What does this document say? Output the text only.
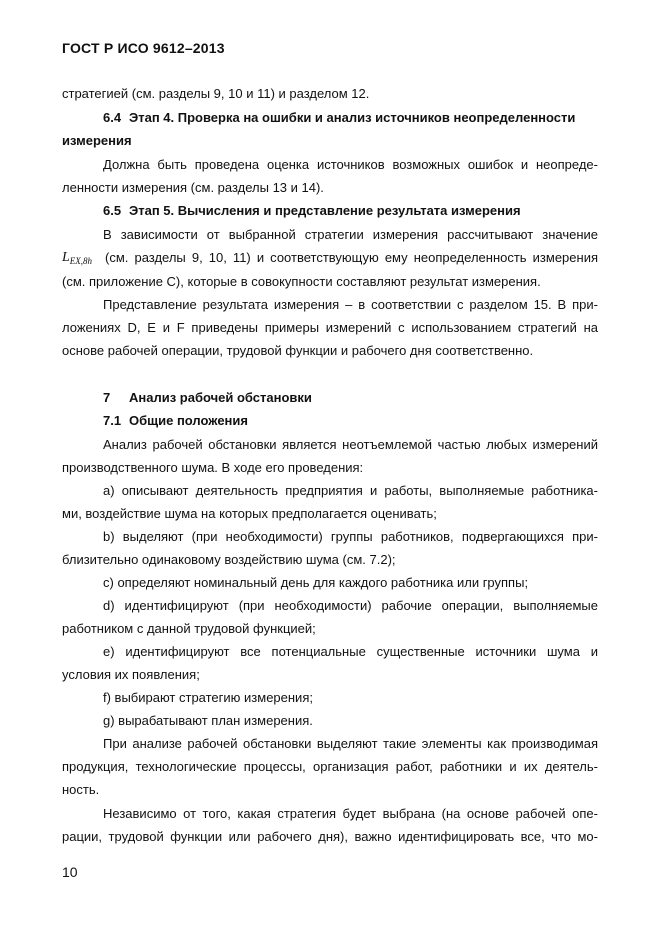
ГОСТ Р ИСО 9612–2013
стратегией (см. разделы 9, 10 и 11) и разделом 12.
6.4 Этап 4. Проверка на ошибки и анализ источников неопределенности
измерения
Должна быть проведена оценка источников возможных ошибок и неопреде-
ленности измерения (см. разделы 13 и 14).
6.5 Этап 5. Вычисления и представление результата измерения
В зависимости от выбранной стратегии измерения рассчитывают значение
$L_{EX,8h}$ (см. разделы 9, 10, 11) и соответствующую ему неопределенность измерения
(см. приложение С), которые в совокупности составляют результат измерения.
Представление результата измерения – в соответствии с разделом 15. В при-
ложениях D, Е и F приведены примеры измерений с использованием стратегий на
основе рабочей операции, трудовой функции и рабочего дня соответственно.
7 Анализ рабочей обстановки
7.1 Общие положения
Анализ рабочей обстановки является неотъемлемой частью любых измерений
производственного шума. В ходе его проведения:
а) описывают деятельность предприятия и работы, выполняемые работника-
ми, воздействие шума на которых предполагается оценивать;
b) выделяют (при необходимости) группы работников, подвергающихся при-
близительно одинаковому воздействию шума (см. 7.2);
с) определяют номинальный день для каждого работника или группы;
d) идентифицируют (при необходимости) рабочие операции, выполняемые
работником с данной трудовой функцией;
е) идентифицируют все потенциальные существенные источники шума и
условия их появления;
f) выбирают стратегию измерения;
g) вырабатывают план измерения.
При анализе рабочей обстановки выделяют такие элементы как производимая
продукция, технологические процессы, организация работ, работники и их деятель-
ность.
Независимо от того, какая стратегия будет выбрана (на основе рабочей опе-
рации, трудовой функции или рабочего дня), важно идентифицировать все, что мо-
10
